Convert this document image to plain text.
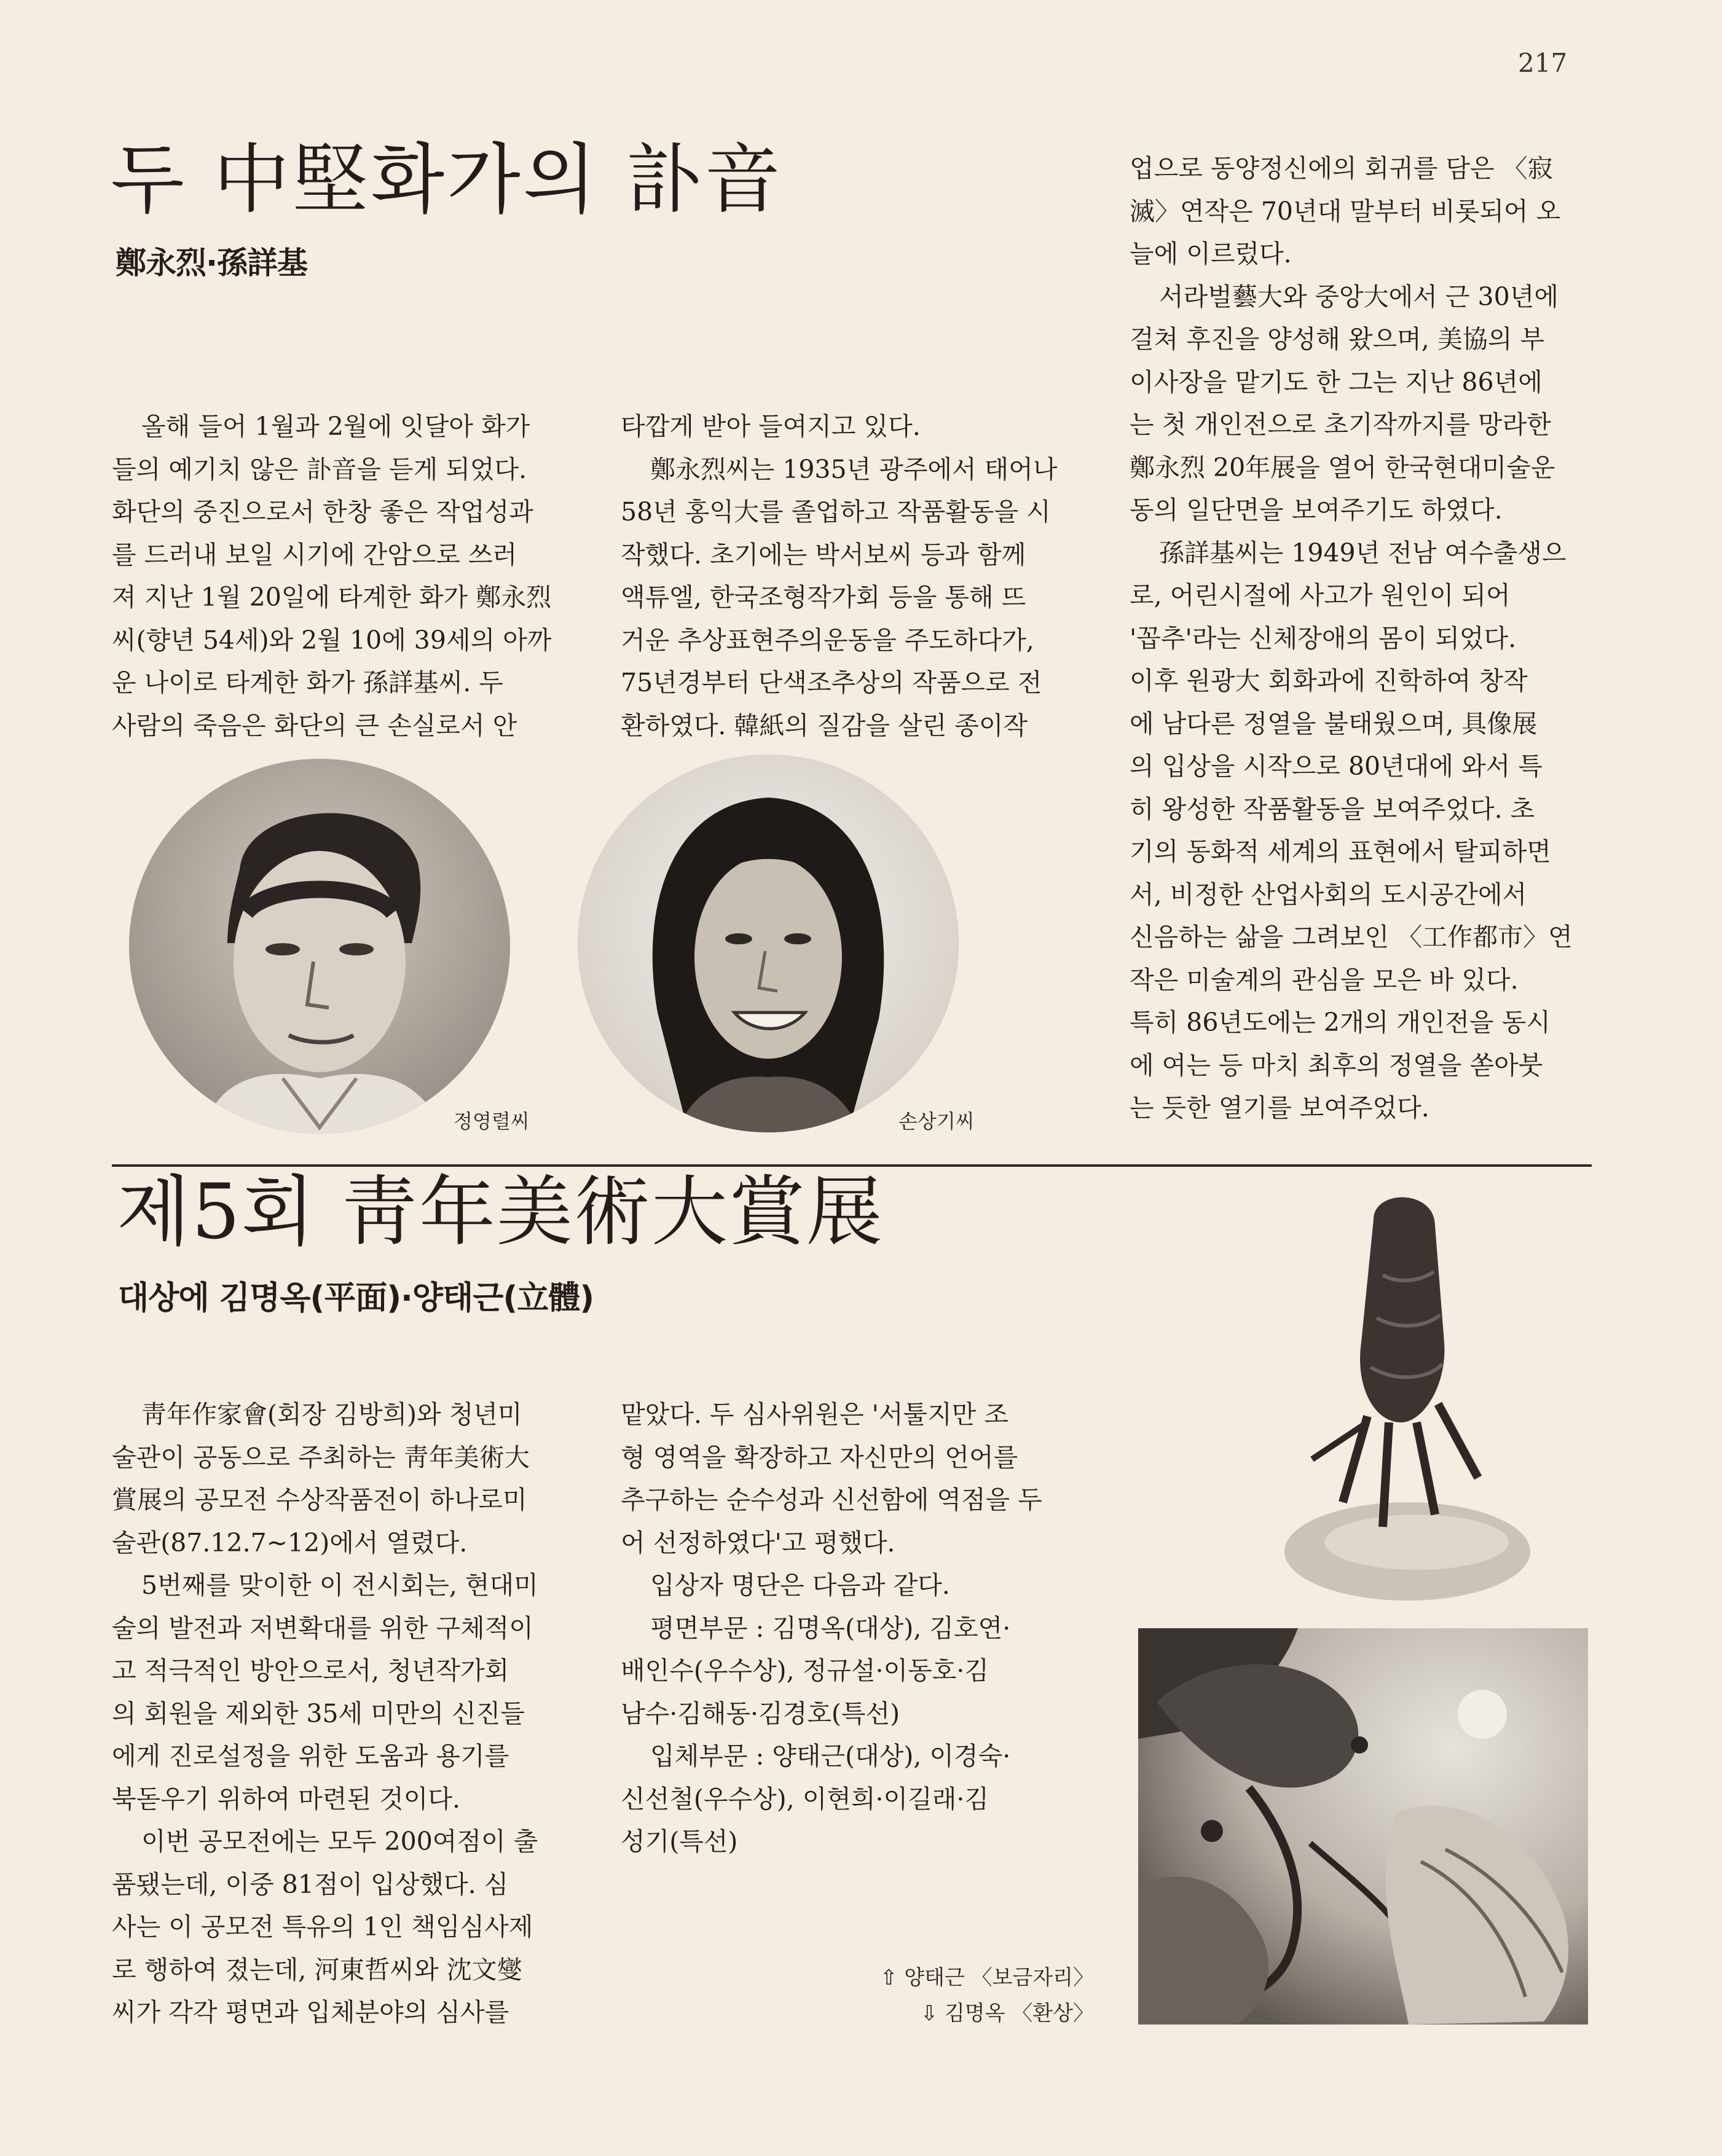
217
두 中堅화가의 訃音
鄭永烈·孫詳基

올해 들어 1월과 2월에 잇달아 화가

들의 예기치 않은 訃音을 듣게 되었다.

화단의 중진으로서 한창 좋은 작업성과

를 드러내 보일 시기에 간암으로 쓰러

져 지난 1월 20일에 타계한 화가 鄭永烈

씨(향년 54세)와 2월 10에 39세의 아까

운 나이로 타계한 화가 孫詳基씨. 두

사람의 죽음은 화단의 큰 손실로서 안

타깝게 받아 들여지고 있다.

鄭永烈씨는 1935년 광주에서 태어나

58년 홍익大를 졸업하고 작품활동을 시

작했다. 초기에는 박서보씨 등과 함께

액튜엘, 한국조형작가회 등을 통해 뜨

거운 추상표현주의운동을 주도하다가,

75년경부터 단색조추상의 작품으로 전

환하였다. 韓紙의 질감을 살린 종이작

업으로 동양정신에의 회귀를 담은 〈寂

滅〉연작은 70년대 말부터 비롯되어 오

늘에 이르렀다.

서라벌藝大와 중앙大에서 근 30년에

걸쳐 후진을 양성해 왔으며, 美協의 부

이사장을 맡기도 한 그는 지난 86년에

는 첫 개인전으로 초기작까지를 망라한

鄭永烈 20年展을 열어 한국현대미술운

동의 일단면을 보여주기도 하였다.

孫詳基씨는 1949년 전남 여수출생으

로, 어린시절에 사고가 원인이 되어

'꼽추'라는 신체장애의 몸이 되었다.

이후 원광大 회화과에 진학하여 창작

에 남다른 정열을 불태웠으며, 具像展

의 입상을 시작으로 80년대에 와서 특

히 왕성한 작품활동을 보여주었다. 초

기의 동화적 세계의 표현에서 탈피하면

서, 비정한 산업사회의 도시공간에서

신음하는 삶을 그려보인 〈工作都市〉연

작은 미술계의 관심을 모은 바 있다.

특히 86년도에는 2개의 개인전을 동시

에 여는 등 마치 최후의 정열을 쏟아붓

는 듯한 열기를 보여주었다.

정영렬씨	손상기씨
제5회 靑年美術大賞展
대상에 김명옥(平面)·양태근(立體)

靑年作家會(회장 김방희)와 청년미

술관이 공동으로 주최하는 靑年美術大

賞展의 공모전 수상작품전이 하나로미

술관(87.12.7~12)에서 열렸다.

5번째를 맞이한 이 전시회는, 현대미

술의 발전과 저변확대를 위한 구체적이

고 적극적인 방안으로서, 청년작가회

의 회원을 제외한 35세 미만의 신진들

에게 진로설정을 위한 도움과 용기를

북돋우기 위하여 마련된 것이다.

이번 공모전에는 모두 200여점이 출

품됐는데, 이중 81점이 입상했다. 심

사는 이 공모전 특유의 1인 책임심사제

로 행하여 졌는데, 河東哲씨와 沈文燮

씨가 각각 평면과 입체분야의 심사를

맡았다. 두 심사위원은 '서툴지만 조

형 영역을 확장하고 자신만의 언어를

추구하는 순수성과 신선함에 역점을 두

어 선정하였다'고 평했다.

입상자 명단은 다음과 같다.

평면부문 : 김명옥(대상), 김호연·

배인수(우수상), 정규설·이동호·김

남수·김해동·김경호(특선)

입체부문 : 양태근(대상), 이경숙·

신선철(우수상), 이현희·이길래·김

성기(특선)

⇧ 양태근 〈보금자리〉
⇩ 김명옥 〈환상〉
